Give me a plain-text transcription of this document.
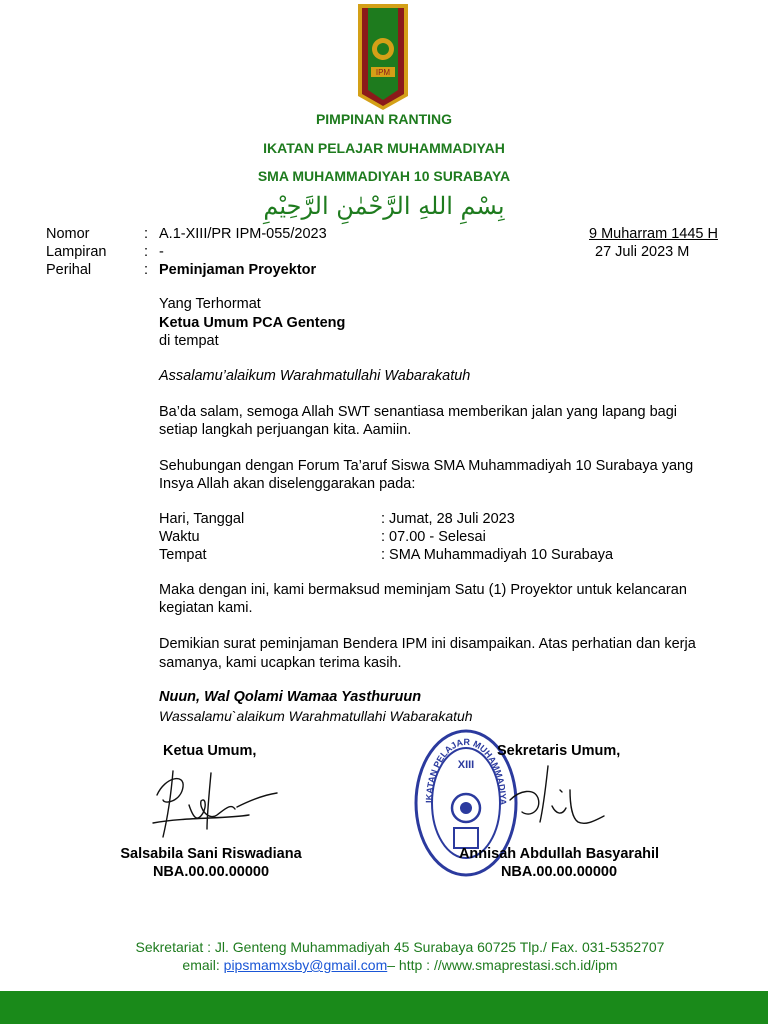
IPM
PIMPINAN RANTING
IKATAN PELAJAR MUHAMMADIYAH
SMA MUHAMMADIYAH 10 SURABAYA
بِسْمِ اللهِ الرَّحْمٰنِ الرَّحِيْمِ
Nomor	: A.1-XIII/PR IPM-055/2023
Lampiran	: -
Perihal	: Peminjaman Proyektor
9 Muharram 1445 H
27 Juli 2023 M
Yang Terhormat
Ketua Umum PCA Genteng
di tempat
Assalamu’alaikum Warahmatullahi Wabarakatuh
Ba’da salam, semoga Allah SWT senantiasa memberikan jalan yang lapang bagi
setiap langkah perjuangan kita. Aamiin.
Sehubungan dengan Forum Ta’aruf Siswa SMA Muhammadiyah 10 Surabaya yang
Insya Allah akan diselenggarakan pada:
Hari, Tanggal	: Jumat, 28 Juli 2023
Waktu	: 07.00 - Selesai
Tempat	: SMA Muhammadiyah 10 Surabaya
Maka dengan ini, kami bermaksud meminjam Satu (1) Proyektor untuk kelancaran
kegiatan kami.
Demikian surat peminjaman Bendera IPM ini disampaikan. Atas perhatian dan kerja
samanya, kami ucapkan terima kasih.
Nuun, Wal Qolami Wamaa Yasthuruun
Wassalamu`alaikum Warahmatullahi Wabarakatuh
Ketua Umum,
Salsabila Sani Riswadiana
NBA.00.00.00000
IKATAN PELAJAR MUHAMMADIYA
XIII
Sekretaris Umum,
Annisah Abdullah Basyarahil
NBA.00.00.00000
Sekretariat : Jl. Genteng Muhammadiyah 45 Surabaya 60725 Tlp./ Fax. 031-5352707
email: pipsmamxsby@gmail.com– http : //www.smaprestasi.sch.id/ipm
